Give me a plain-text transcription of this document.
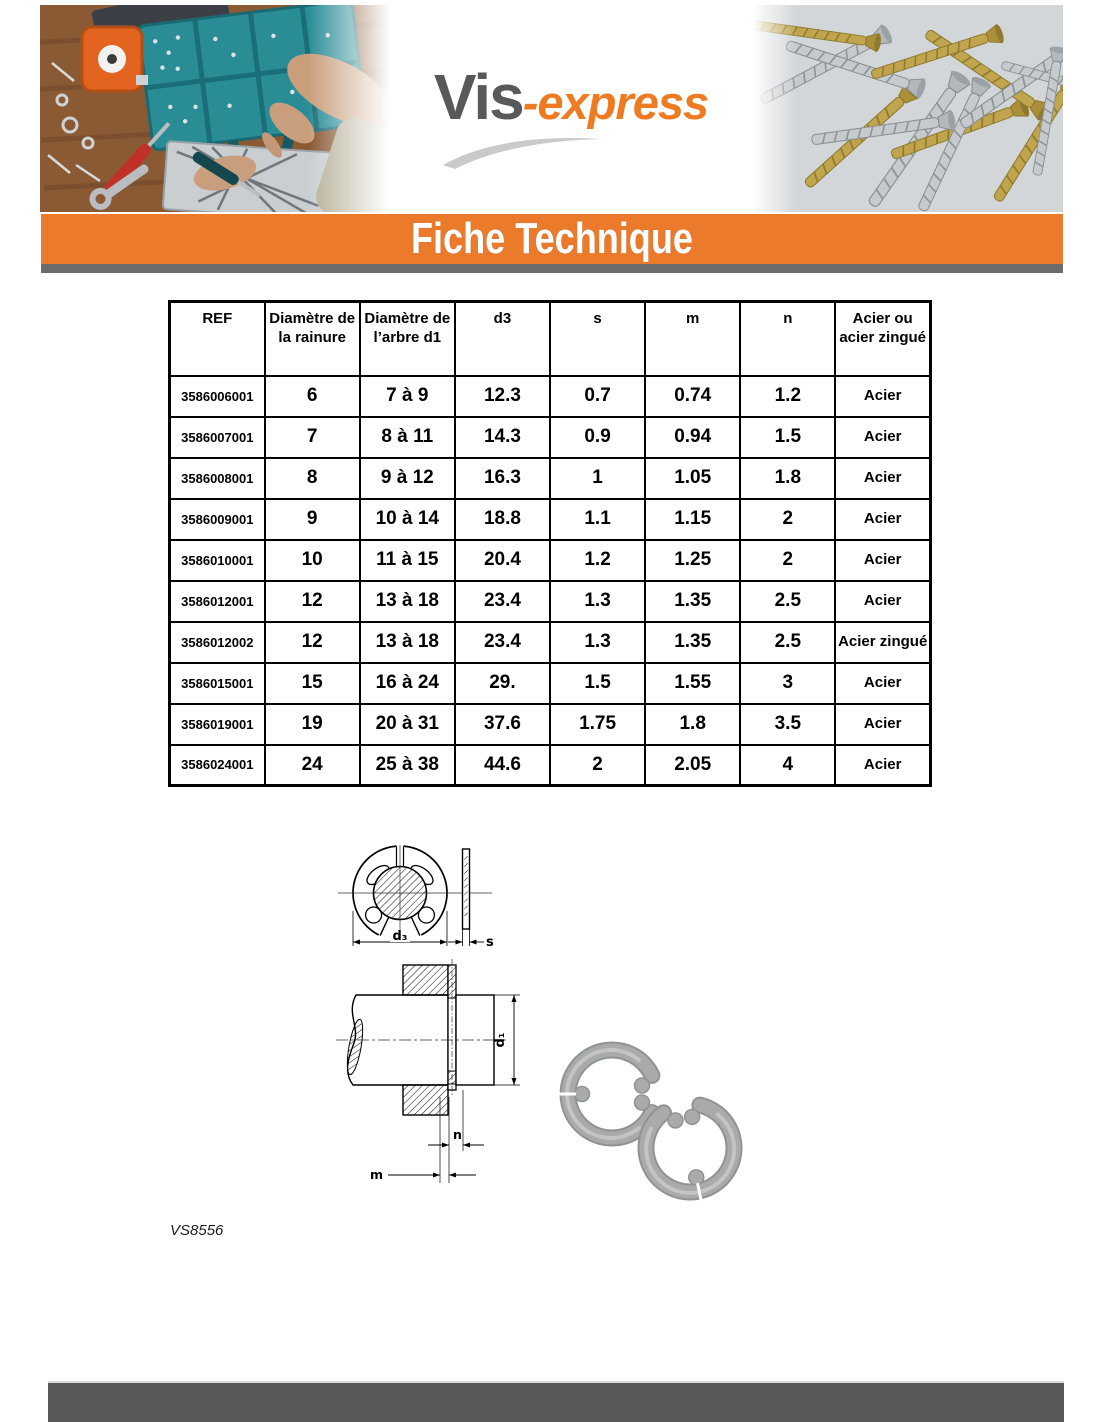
Vis-express
Fiche Technique
REF	Diamètre de la rainure	Diamètre de l’arbre d1	d3	s	m	n	Acier ou acier zingué
3586006001	6	7 à 9	12.3	0.7	0.74	1.2	Acier
3586007001	7	8 à 11	14.3	0.9	0.94	1.5	Acier
3586008001	8	9 à 12	16.3	1	1.05	1.8	Acier
3586009001	9	10 à 14	18.8	1.1	1.15	2	Acier
3586010001	10	11 à 15	20.4	1.2	1.25	2	Acier
3586012001	12	13 à 18	23.4	1.3	1.35	2.5	Acier
3586012002	12	13 à 18	23.4	1.3	1.35	2.5	Acier zingué
3586015001	15	16 à 24	29.	1.5	1.55	3	Acier
3586019001	19	20 à 31	37.6	1.75	1.8	3.5	Acier
3586024001	24	25 à 38	44.6	2	2.05	4	Acier
d₃	s
d₁
n
m
VS8556
